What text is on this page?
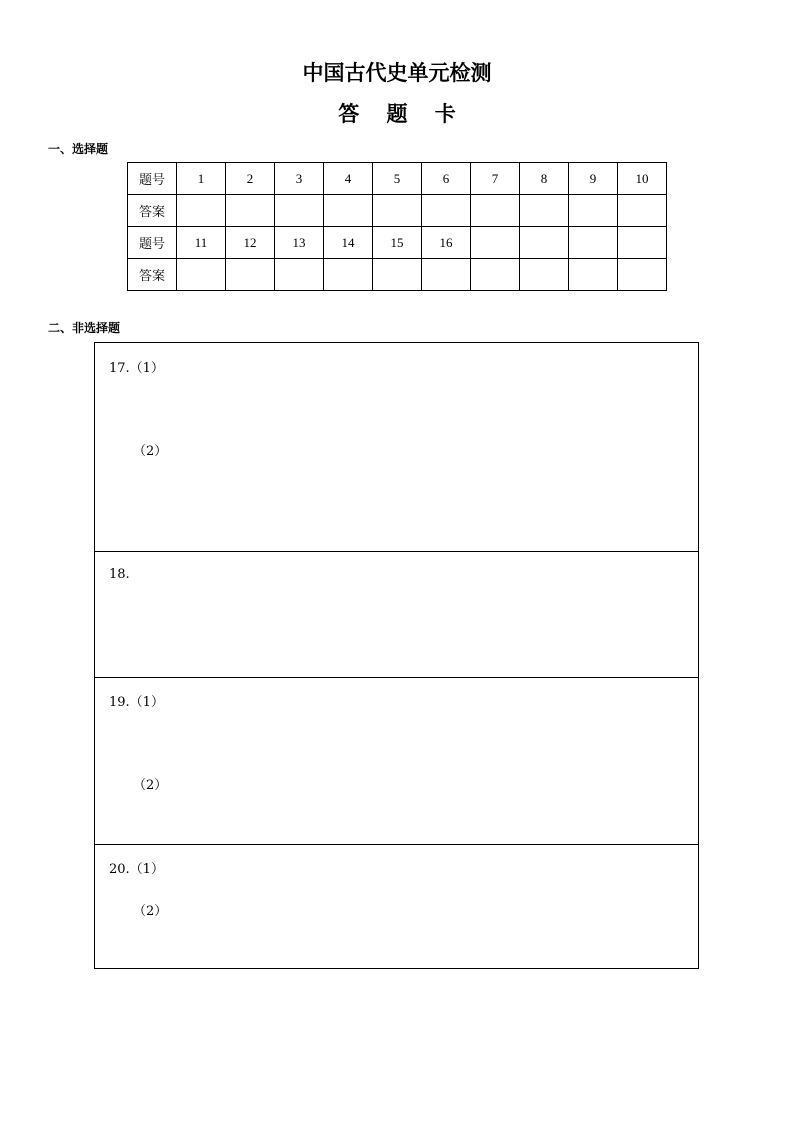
中国古代史单元检测
答 题 卡
一、选择题
题号	1	2	3	4	5	6	7	8	9	10
答案										
题号	11	12	13	14	15	16				
答案										
二、非选择题
17.（1）
（2）
18.
19.（1）
（2）
20.（1）
（2）
